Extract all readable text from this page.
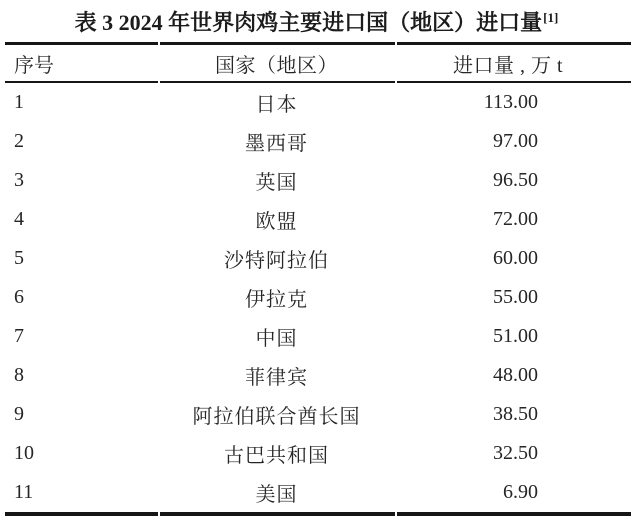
表 3 2024 年世界肉鸡主要进口国（地区）进口量[1]
序号	国家（地区）	进口量 , 万 t
1	日本	113.00
2	墨西哥	97.00
3	英国	96.50
4	欧盟	72.00
5	沙特阿拉伯	60.00
6	伊拉克	55.00
7	中国	51.00
8	菲律宾	48.00
9	阿拉伯联合酋长国	38.50
10	古巴共和国	32.50
11	美国	6.90
